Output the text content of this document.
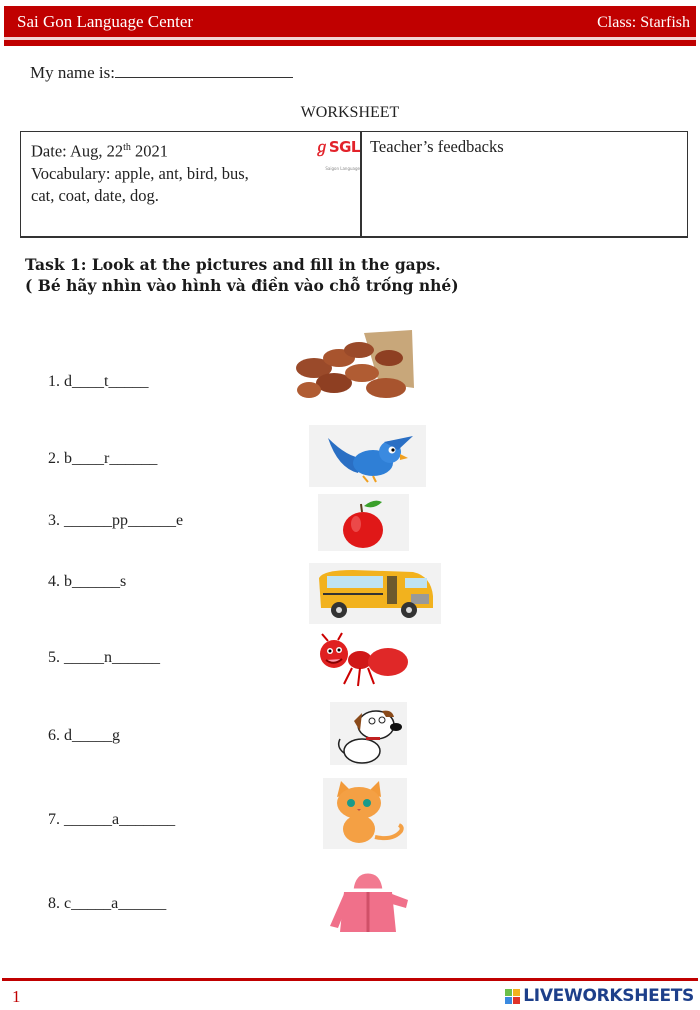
Sai Gon Language Center	Class: Starfish
My name is:
WORKSHEET
Date: Aug, 22th 2021
Vocabulary: apple, ant, bird, bus,
cat, coat, date, dog.
ℊSGL
Saigon Language
Teacher’s feedbacks
Task 1: Look at the pictures and fill in the gaps.
( Bé hãy nhìn vào hình và điền vào chỗ trống nhé)
1. d____t_____
2. b____r______
3. ______pp______e
4. b______s
5. _____n______
6. d_____g
7. ______a_______
8. c_____a______
1	LIVEWORKSHEETS
